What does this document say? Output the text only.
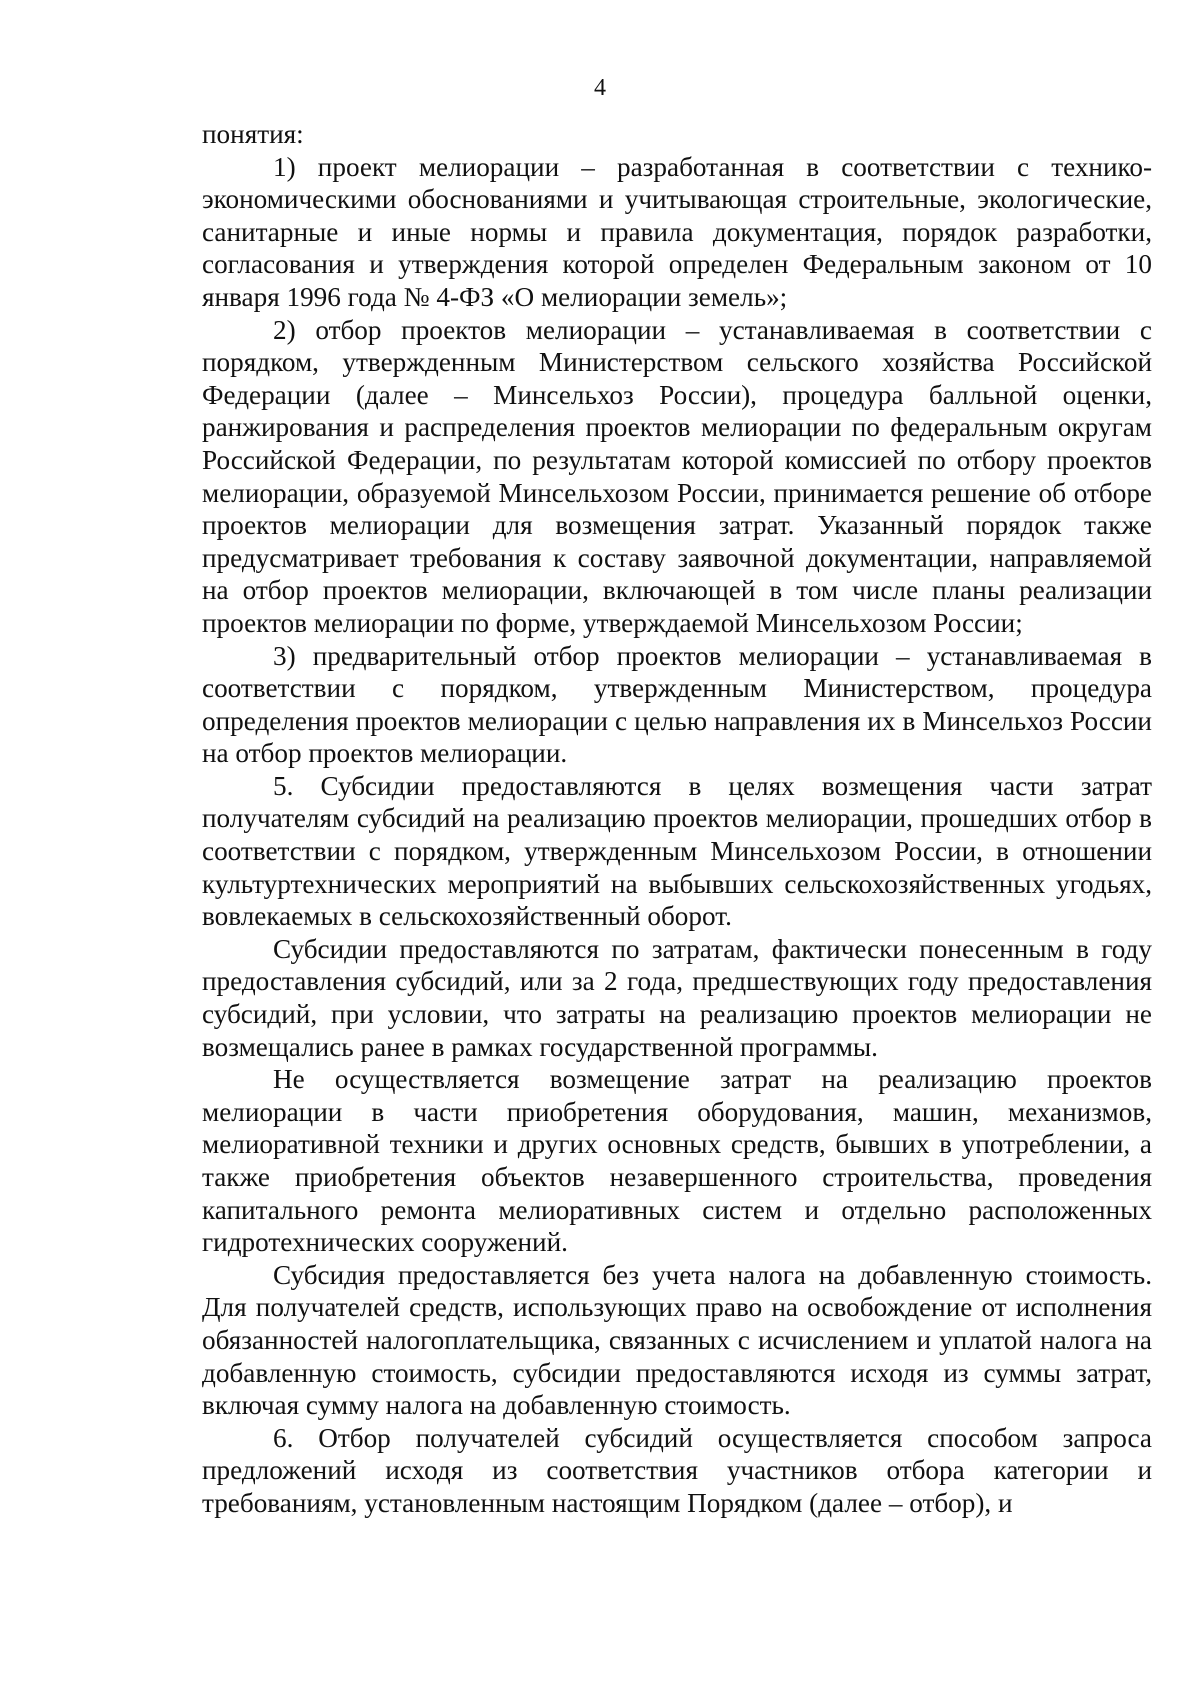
4

понятия:

1) проект мелиорации – разработанная в соответствии с технико-экономическими обоснованиями и учитывающая строительные, экологические, санитарные и иные нормы и правила документация, порядок разработки, согласования и утверждения которой определен Федеральным законом от 10 января 1996 года № 4-ФЗ «О мелиорации земель»;

2) отбор проектов мелиорации – устанавливаемая в соответствии с порядком, утвержденным Министерством сельского хозяйства Российской Федерации (далее – Минсельхоз России), процедура балльной оценки, ранжирования и распределения проектов мелиорации по федеральным округам Российской Федерации, по результатам которой комиссией по отбору проектов мелиорации, образуемой Минсельхозом России, принимается решение об отборе проектов мелиорации для возмещения затрат. Указанный порядок также предусматривает требования к составу заявочной документации, направляемой на отбор проектов мелиорации, включающей в том числе планы реализации проектов мелиорации по форме, утверждаемой Минсельхозом России;

3) предварительный отбор проектов мелиорации – устанавливаемая в соответствии с порядком, утвержденным Министерством, процедура определения проектов мелиорации с целью направления их в Минсельхоз России на отбор проектов мелиорации.

5. Субсидии предоставляются в целях возмещения части затрат получателям субсидий на реализацию проектов мелиорации, прошедших отбор в соответствии с порядком, утвержденным Минсельхозом России, в отношении культуртехнических мероприятий на выбывших сельскохозяйственных угодьях, вовлекаемых в сельскохозяйственный оборот.

Субсидии предоставляются по затратам, фактически понесенным в году предоставления субсидий, или за 2 года, предшествующих году предоставления субсидий, при условии, что затраты на реализацию проектов мелиорации не возмещались ранее в рамках государственной программы.

Не осуществляется возмещение затрат на реализацию проектов мелиорации в части приобретения оборудования, машин, механизмов, мелиоративной техники и других основных средств, бывших в употреблении, а также приобретения объектов незавершенного строительства, проведения капитального ремонта мелиоративных систем и отдельно расположенных гидротехнических сооружений.

Субсидия предоставляется без учета налога на добавленную стоимость. Для получателей средств, использующих право на освобождение от исполнения обязанностей налогоплательщика, связанных с исчислением и уплатой налога на добавленную стоимость, субсидии предоставляются исходя из суммы затрат, включая сумму налога на добавленную стоимость.

6. Отбор получателей субсидий осуществляется способом запроса предложений исходя из соответствия участников отбора категории и требованиям, установленным настоящим Порядком (далее – отбор), и
